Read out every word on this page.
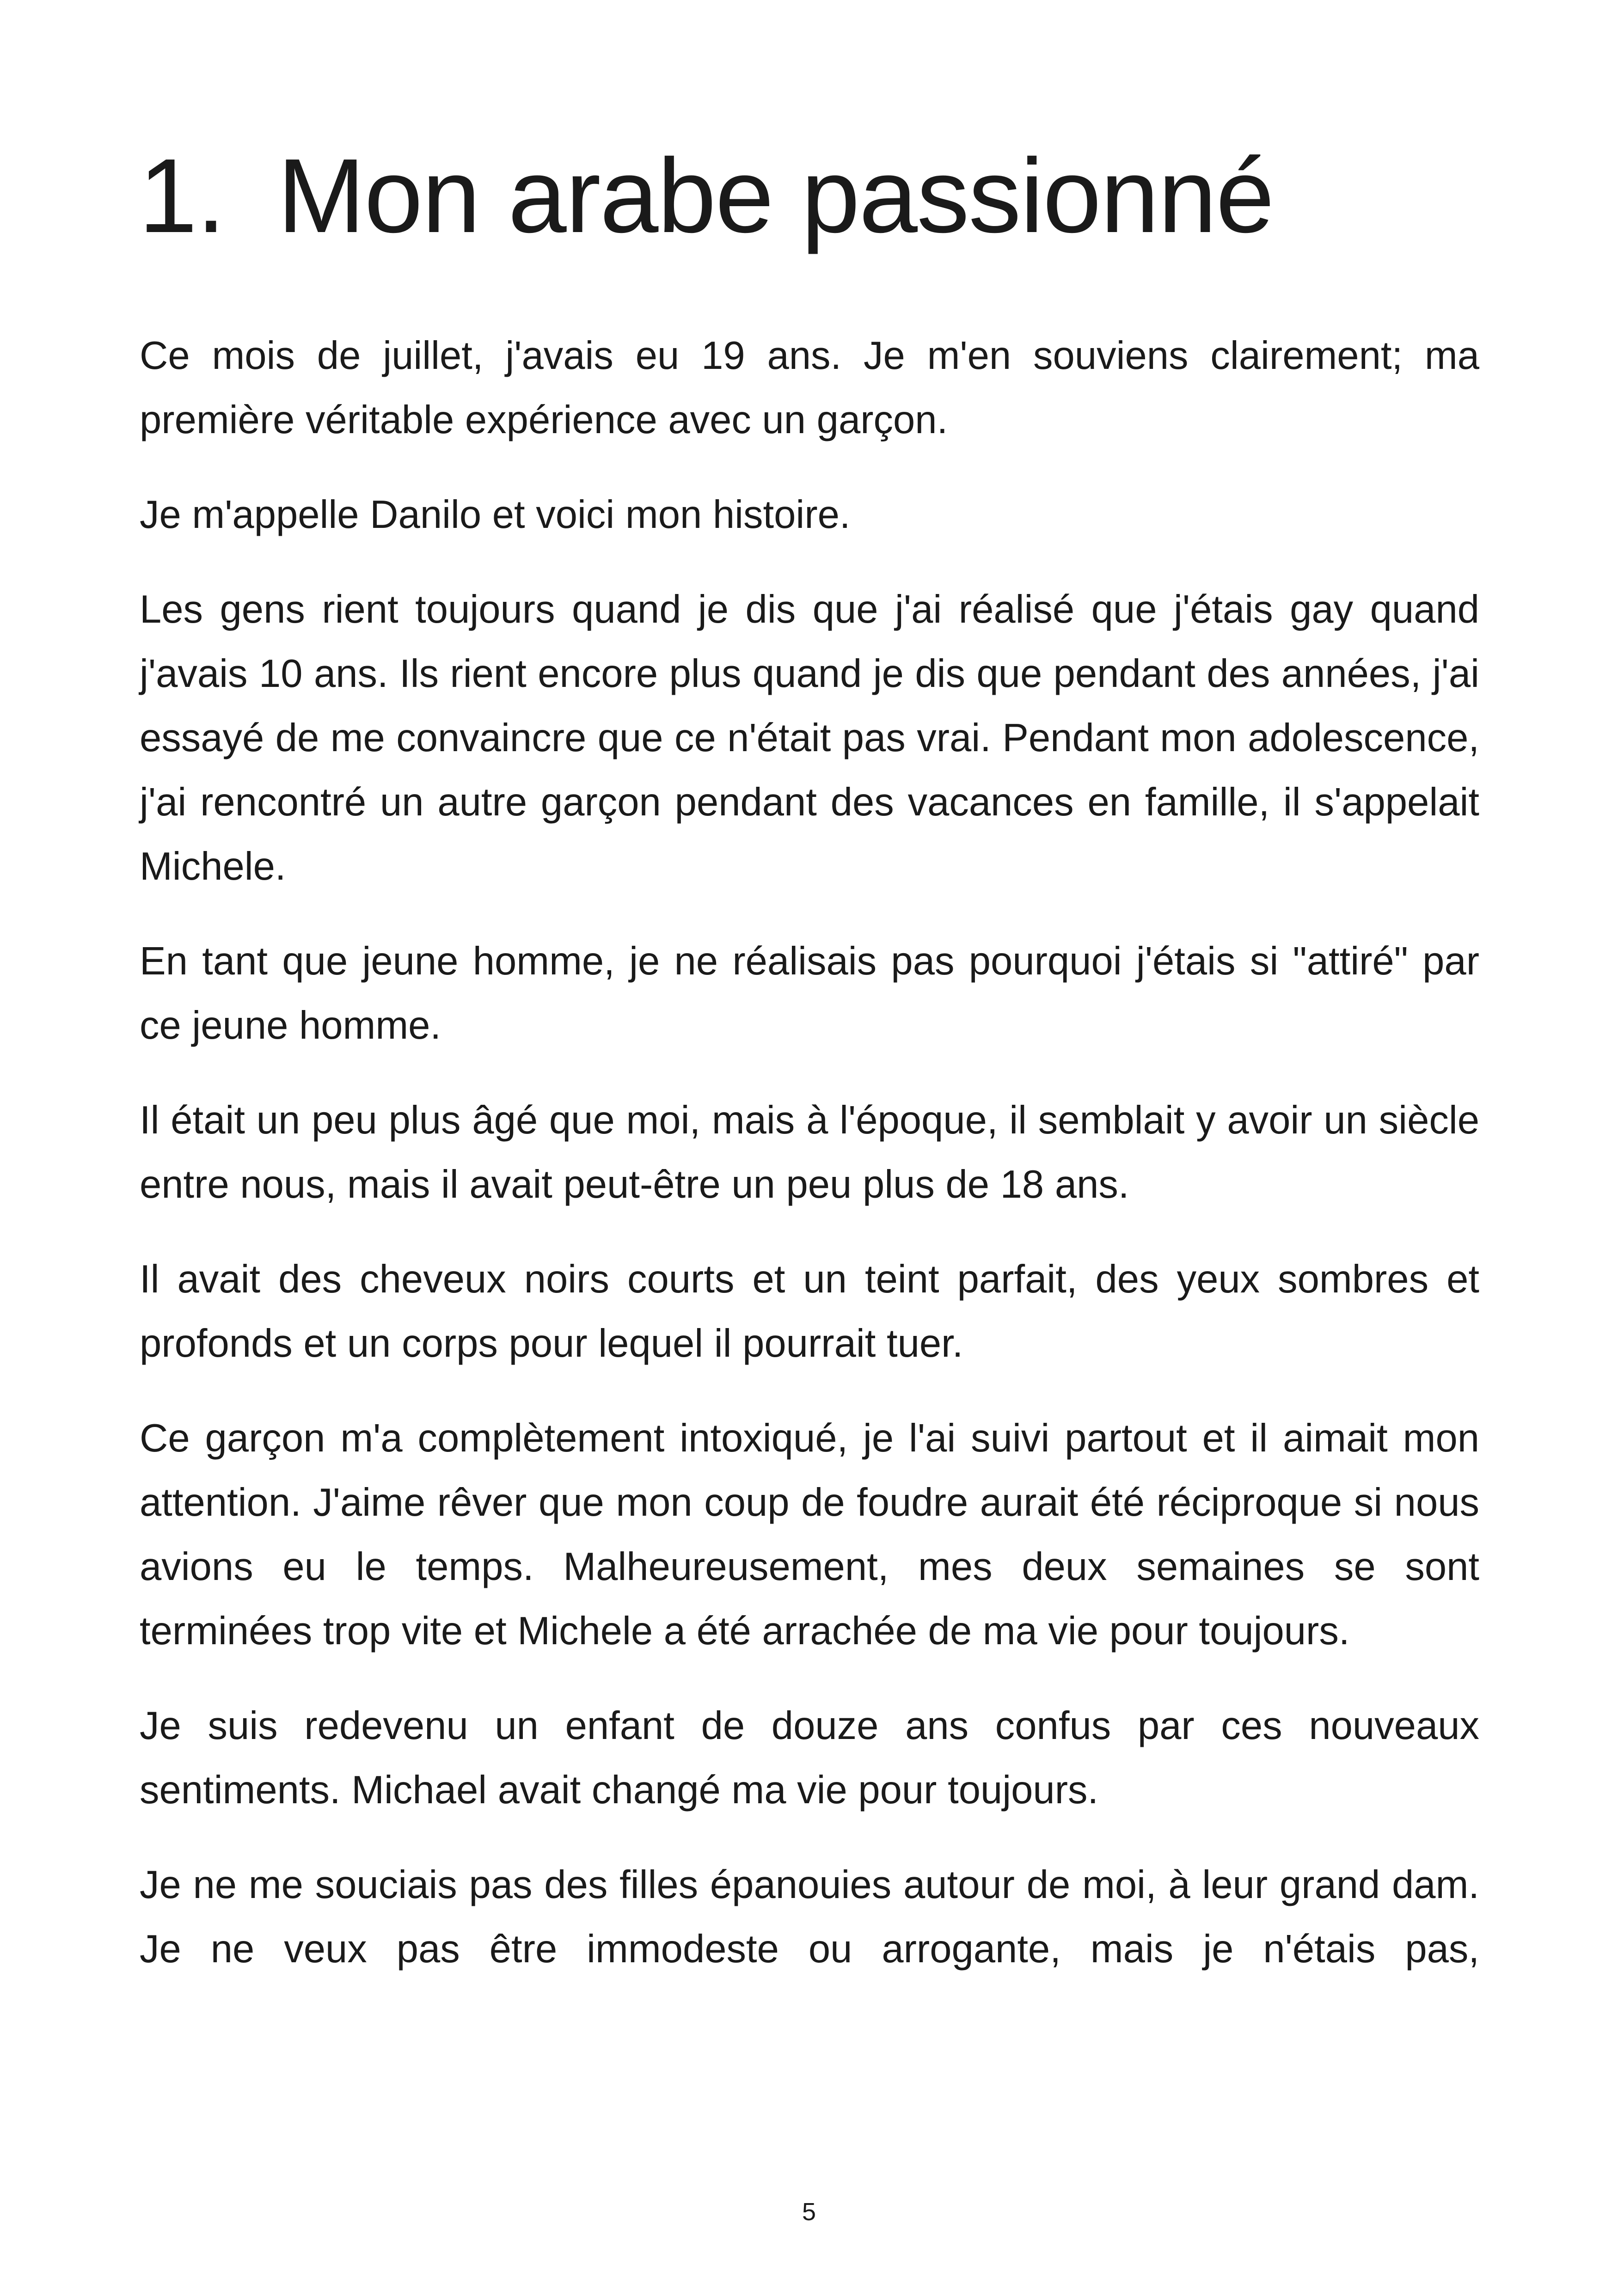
1. Mon arabe passionné

Ce mois de juillet, j'avais eu 19 ans. Je m'en souviens clairement; ma première véritable expérience avec un garçon.

Je m'appelle Danilo et voici mon histoire.

Les gens rient toujours quand je dis que j'ai réalisé que j'étais gay quand j'avais 10 ans. Ils rient encore plus quand je dis que pendant des années, j'ai essayé de me convaincre que ce n'était pas vrai. Pendant mon adolescence, j'ai rencontré un autre garçon pendant des vacances en famille, il s'appelait Michele.

En tant que jeune homme, je ne réalisais pas pourquoi j'étais si "attiré" par ce jeune homme.

Il était un peu plus âgé que moi, mais à l'époque, il semblait y avoir un siècle entre nous, mais il avait peut-être un peu plus de 18 ans.

Il avait des cheveux noirs courts et un teint parfait, des yeux sombres et profonds et un corps pour lequel il pourrait tuer.

Ce garçon m'a complètement intoxiqué, je l'ai suivi partout et il aimait mon attention. J'aime rêver que mon coup de foudre aurait été réciproque si nous avions eu le temps. Malheureusement, mes deux semaines se sont terminées trop vite et Michele a été arrachée de ma vie pour toujours.

Je suis redevenu un enfant de douze ans confus par ces nouveaux sentiments. Michael avait changé ma vie pour toujours.

Je ne me souciais pas des filles épanouies autour de moi, à leur grand dam. Je ne veux pas être immodeste ou arrogante, mais je n'étais pas,

5
